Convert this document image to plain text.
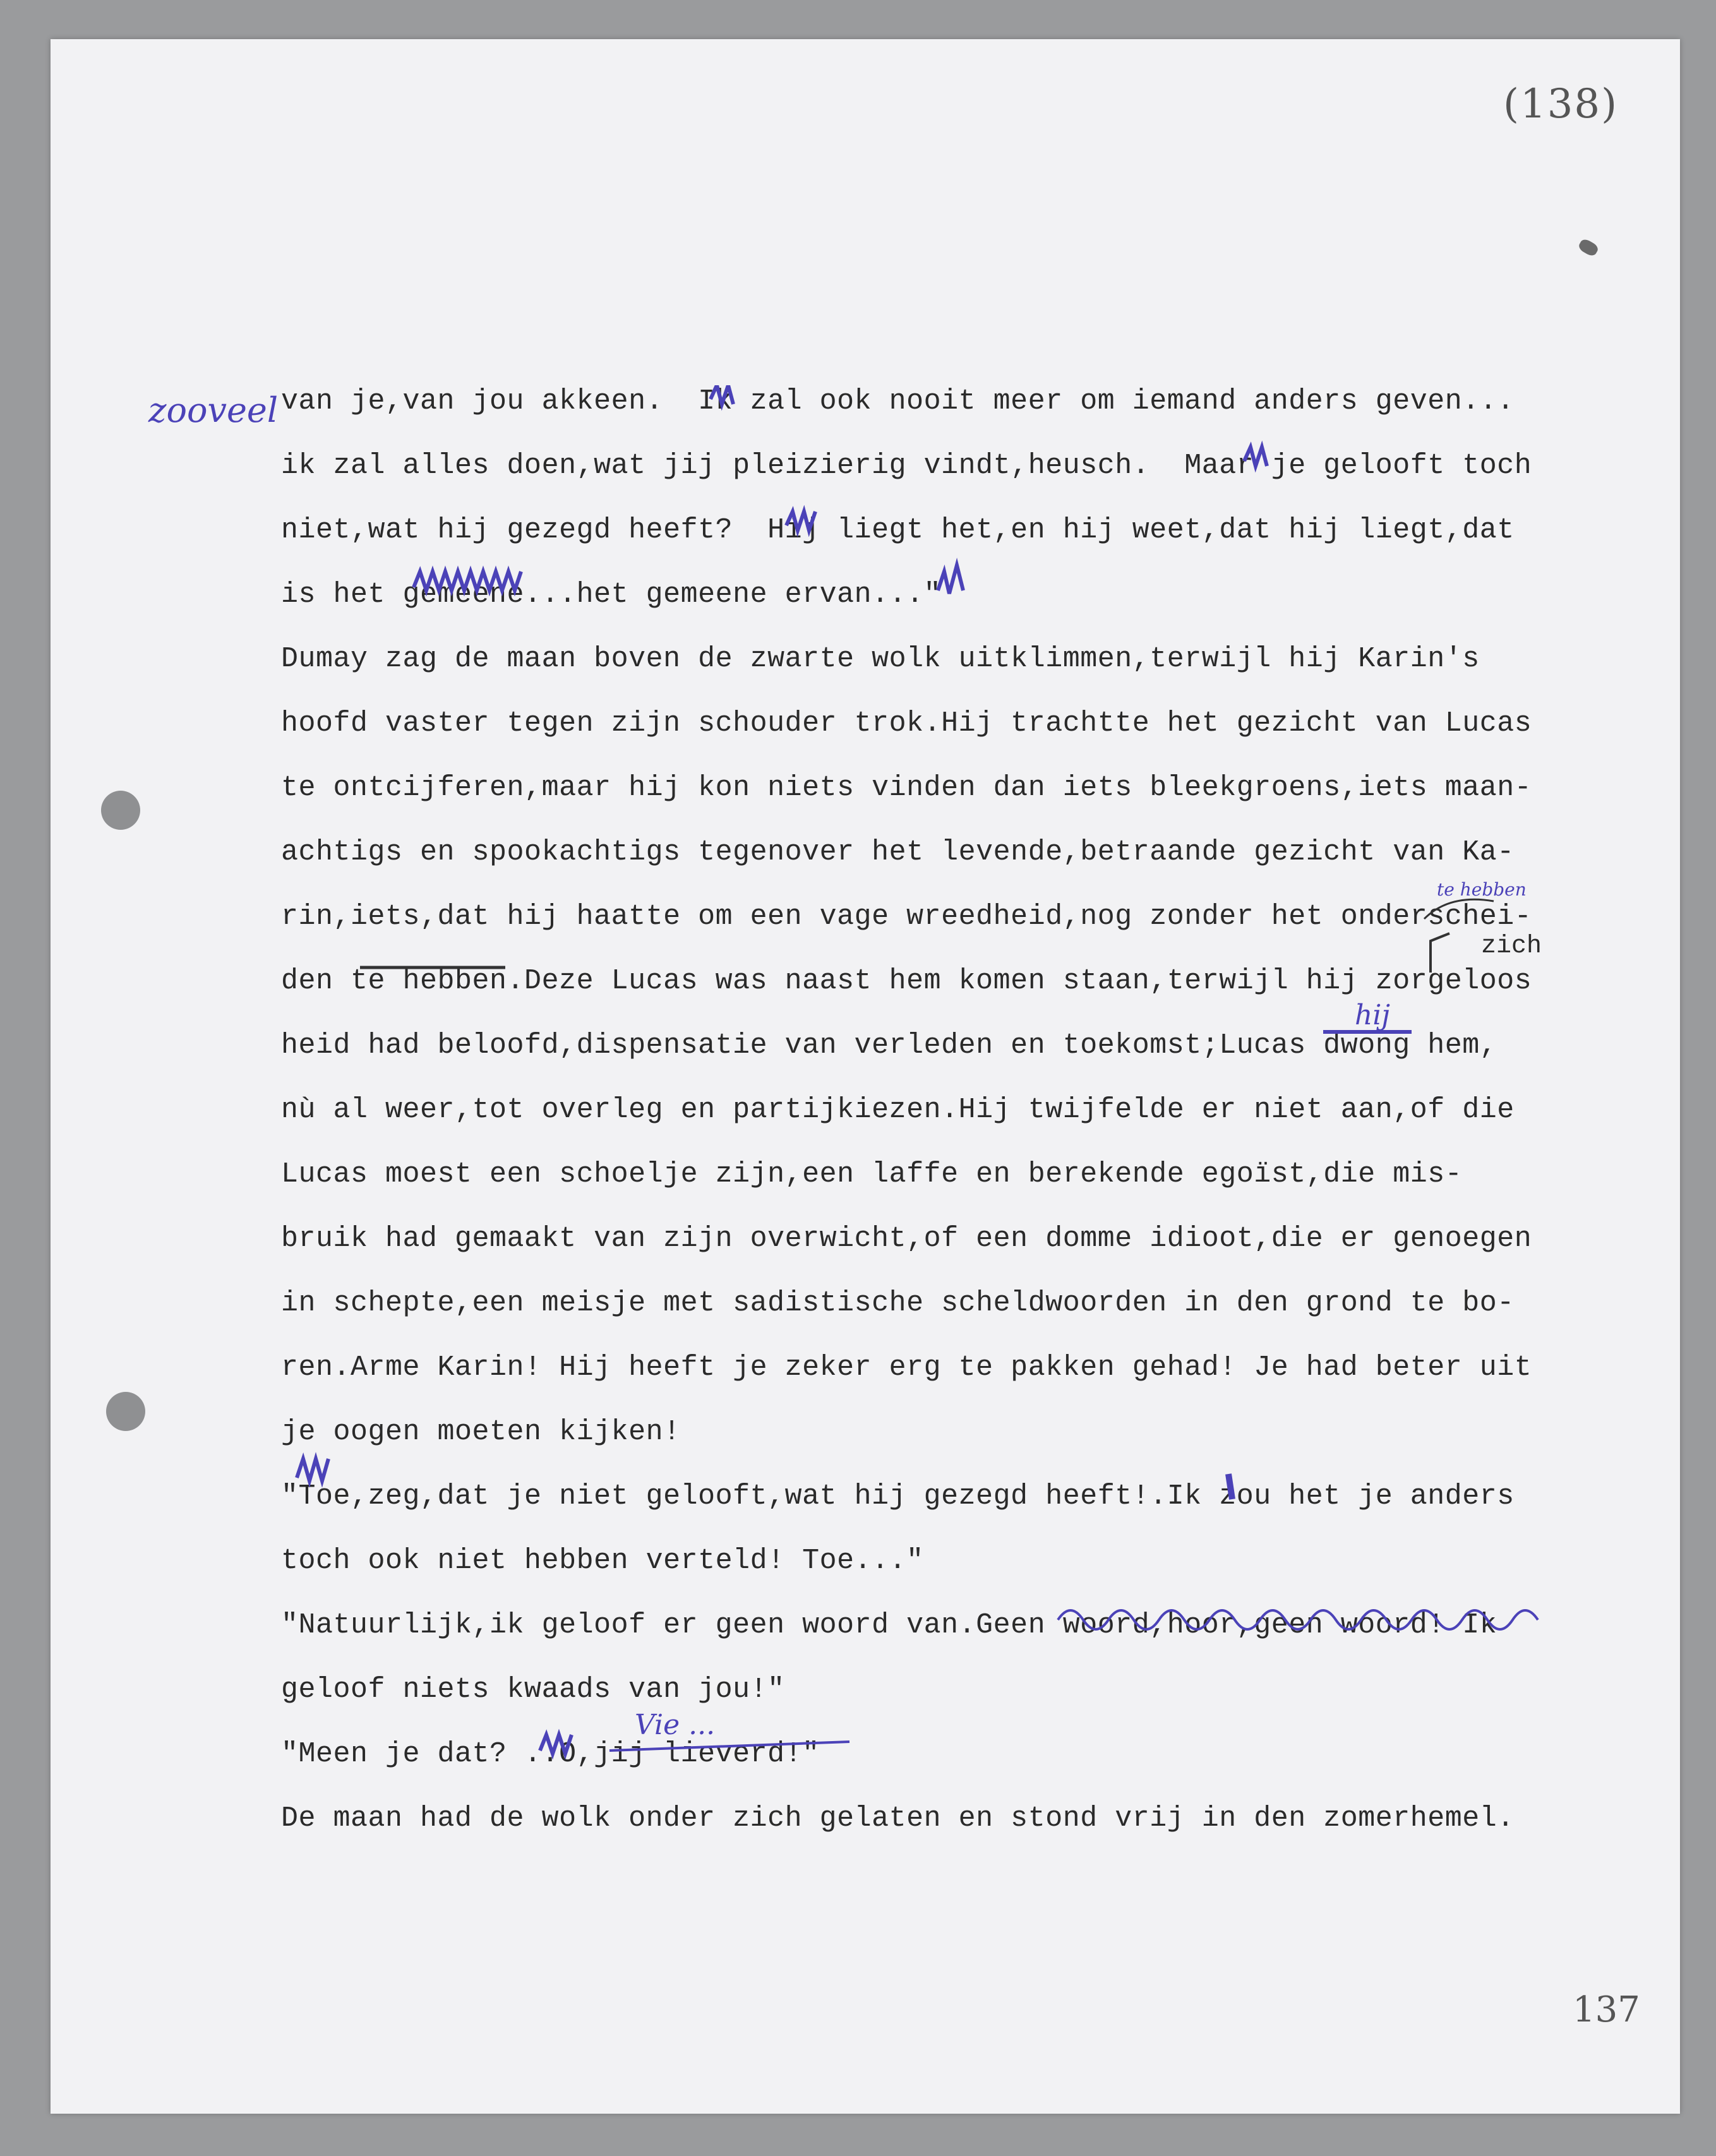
(138)
137
zooveel van je,van jou akkeen.  Ik zal ook nooit meer om iemand anders geven...
ik zal alles doen,wat jij pleizierig vindt,heusch.  Maar je gelooft toch
niet,wat hij gezegd heeft?  Hij liegt het,en hij weet,dat hij liegt,dat
is het gemeene...het gemeene ervan..."
Dumay zag de maan boven de zwarte wolk uitklimmen,terwijl hij Karin's
hoofd vaster tegen zijn schouder trok.Hij trachtte het gezicht van Lucas
te ontcijferen,maar hij kon niets vinden dan iets bleekgroens,iets maan-
achtigs en spookachtigs tegenover het levende,betraande gezicht van Ka-
rin,iets,dat hij haatte om een vage wreedheid,nog zonder het onderschei-
den te hebben.Deze Lucas was naast hem komen staan,terwijl hij zorgeloos
heid had beloofd,dispensatie van verleden en toekomst;Lucas dwong hem,
nù al weer,tot overleg en partijkiezen.Hij twijfelde er niet aan,of die
Lucas moest een schoelje zijn,een laffe en berekende egoïst,die mis-
bruik had gemaakt van zijn overwicht,of een domme idioot,die er genoegen
in schepte,een meisje met sadistische scheldwoorden in den grond te bo-
ren.Arme Karin! Hij heeft je zeker erg te pakken gehad! Je had beter uit
je oogen moeten kijken!
"Toe,zeg,dat je niet gelooft,wat hij gezegd heeft!.Ik zou het je anders
toch ook niet hebben verteld! Toe..."
"Natuurlijk,ik geloof er geen woord van.Geen woord,hoor,geen woord! Ik
geloof niets kwaads van jou!"
"Meen je dat? ..O,jij lieverd!"
De maan had de wolk onder zich gelaten en stond vrij in den zomerhemel.
te hebben
zich
hij
Vie ...
